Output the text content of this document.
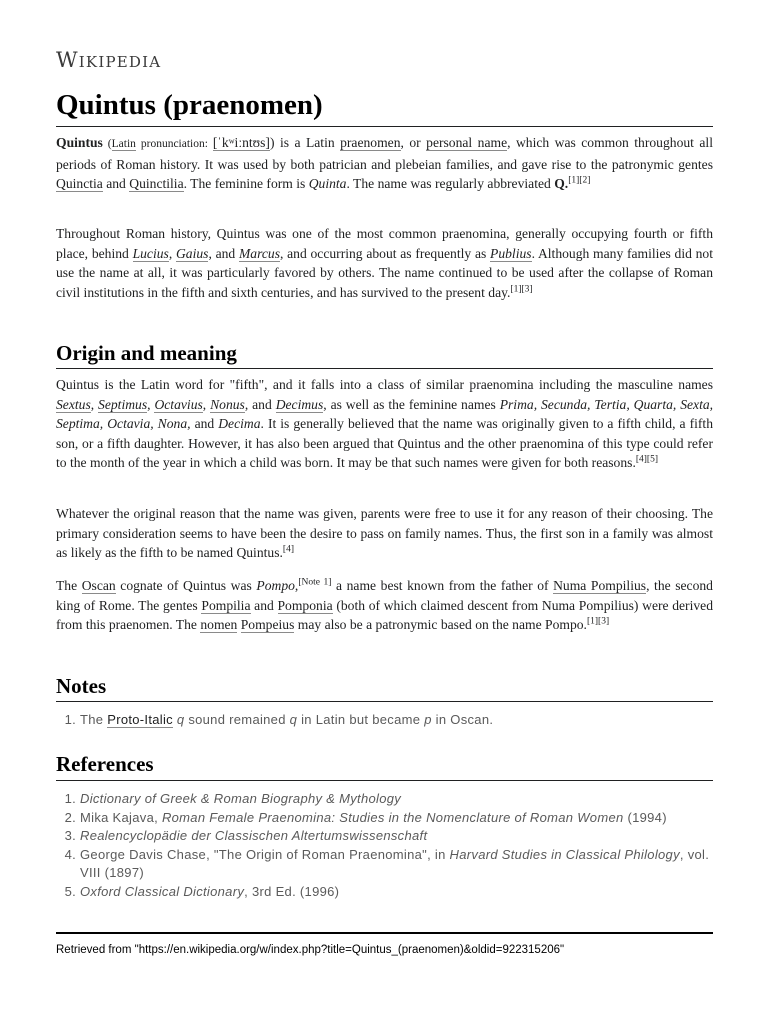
Wikipedia
Quintus (praenomen)

Quintus (Latin pronunciation: [ˈkʷiːntʊs]) is a Latin praenomen, or personal name, which was common throughout all periods of Roman history. It was used by both patrician and plebeian families, and gave rise to the patronymic gentes Quinctia and Quinctilia. The feminine form is Quinta. The name was regularly abbreviated Q.[1][2]

Throughout Roman history, Quintus was one of the most common praenomina, generally occupying fourth or fifth place, behind Lucius, Gaius, and Marcus, and occurring about as frequently as Publius. Although many families did not use the name at all, it was particularly favored by others. The name continued to be used after the collapse of Roman civil institutions in the fifth and sixth centuries, and has survived to the present day.[1][3]

Origin and meaning

Quintus is the Latin word for "fifth", and it falls into a class of similar praenomina including the masculine names Sextus, Septimus, Octavius, Nonus, and Decimus, as well as the feminine names Prima, Secunda, Tertia, Quarta, Sexta, Septima, Octavia, Nona, and Decima. It is generally believed that the name was originally given to a fifth child, a fifth son, or a fifth daughter. However, it has also been argued that Quintus and the other praenomina of this type could refer to the month of the year in which a child was born. It may be that such names were given for both reasons.[4][5]

Whatever the original reason that the name was given, parents were free to use it for any reason of their choosing. The primary consideration seems to have been the desire to pass on family names. Thus, the first son in a family was almost as likely as the fifth to be named Quintus.[4]

The Oscan cognate of Quintus was Pompo,[Note 1] a name best known from the father of Numa Pompilius, the second king of Rome. The gentes Pompilia and Pomponia (both of which claimed descent from Numa Pompilius) were derived from this praenomen. The nomen Pompeius may also be a patronymic based on the name Pompo.[1][3]

Notes
1. The Proto-Italic q sound remained q in Latin but became p in Oscan.
References
1. Dictionary of Greek & Roman Biography & Mythology
2. Mika Kajava, Roman Female Praenomina: Studies in the Nomenclature of Roman Women (1994)
3. Realencyclopädie der Classischen Altertumswissenschaft
4. George Davis Chase, "The Origin of Roman Praenomina", in Harvard Studies in Classical Philology, vol. VIII (1897)
5. Oxford Classical Dictionary, 3rd Ed. (1996)
Retrieved from "https://en.wikipedia.org/w/index.php?title=Quintus_(praenomen)&oldid=922315206"
